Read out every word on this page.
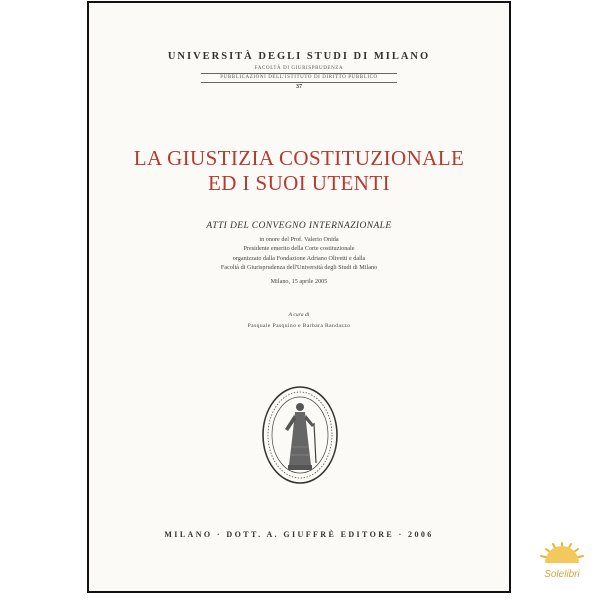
UNIVERSITÀ DEGLI STUDI DI MILANO
FACOLTÀ DI GIURISPRUDENZA
PUBBLICAZIONI DELL'ISTITUTO DI DIRITTO PUBBLICO
37
LA GIUSTIZIA COSTITUZIONALE
ED I SUOI UTENTI
ATTI DEL CONVEGNO INTERNAZIONALE
in onore del Prof. Valerio Onida
Presidente emerito della Corte costituzionale
organizzato dalla Fondazione Adriano Olivetti e dalla
Facoltà di Giurisprudenza dell'Università degli Studi di Milano
Milano, 15 aprile 2005
A cura di
Pasquale Pasquino e Barbara Randazzo
MILANO · DOTT. A. GIUFFRÈ EDITORE · 2006
Solelibri
